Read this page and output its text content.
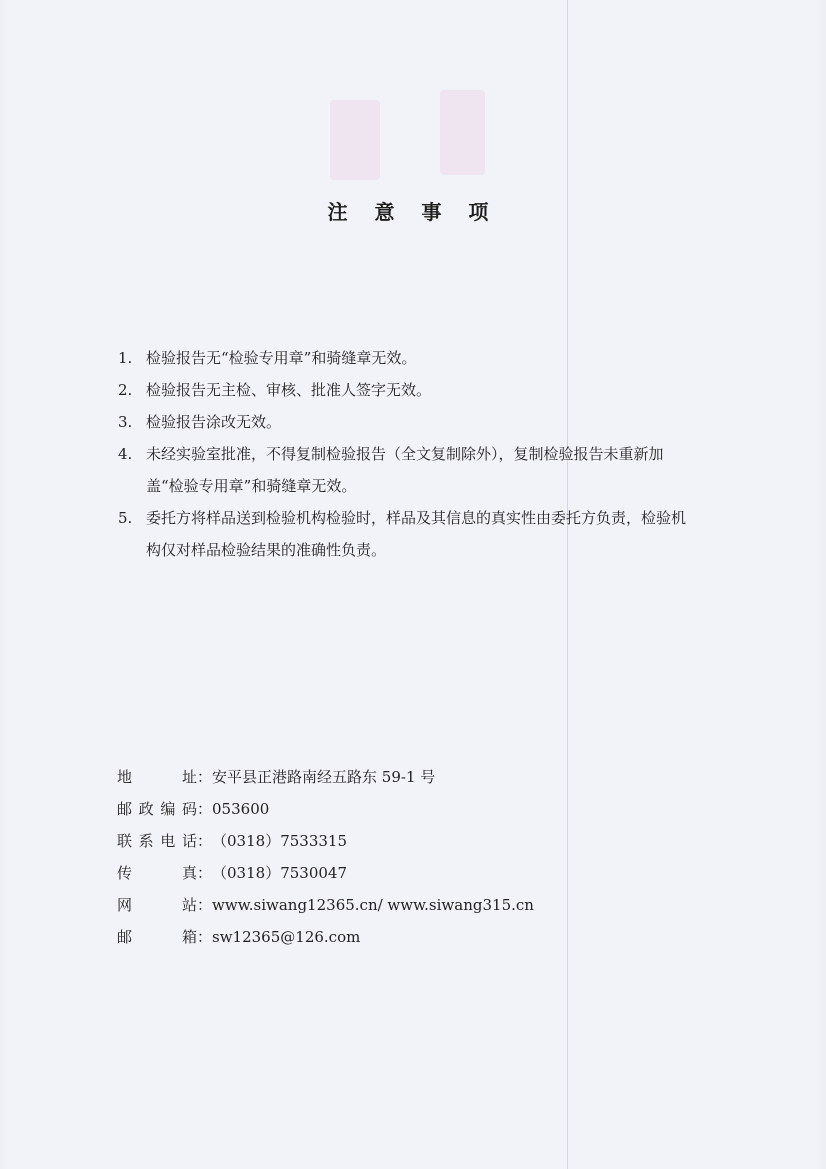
注 意 事 项
1. 检验报告无“检验专用章”和骑缝章无效。
2. 检验报告无主检、审核、批准人签字无效。
3. 检验报告涂改无效。
4. 未经实验室批准，不得复制检验报告（全文复制除外），复制检验报告未重新加盖“检验专用章”和骑缝章无效。
5. 委托方将样品送到检验机构检验时，样品及其信息的真实性由委托方负责，检验机构仅对样品检验结果的准确性负责。
地址 ： 安平县正港路南经五路东 59-1 号
邮政编码 ： 053600
联系电话 ： （0318）7533315
传真 ： （0318）7530047
网站 ： www.siwang12365.cn/ www.siwang315.cn
邮箱 ： sw12365@126.com
